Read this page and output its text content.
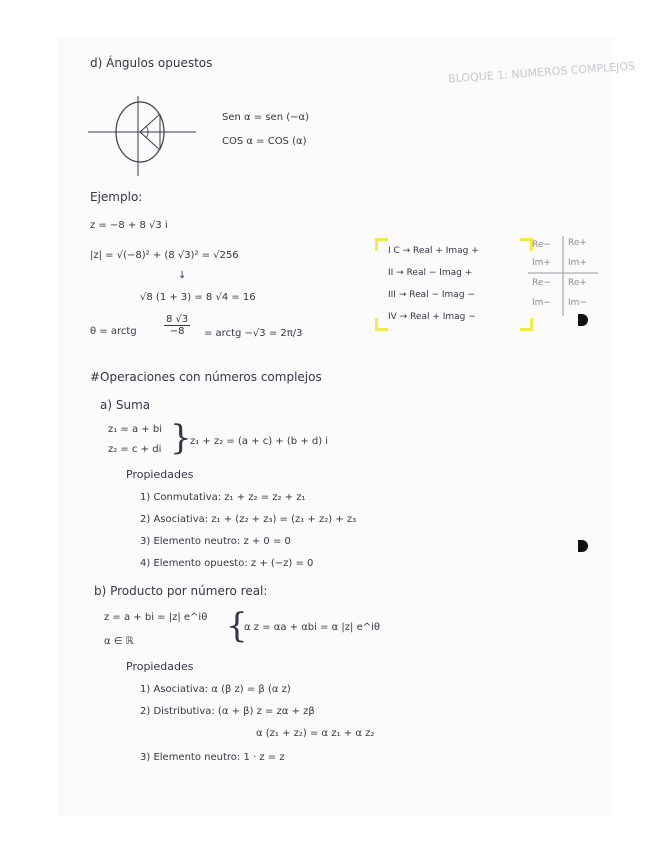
BLOQUE 1: NÚMEROS COMPLEJOS
d) Ángulos opuestos
Sen α = sen (−α)
COS α = COS (α)
Ejemplo:
z = −8 + 8 √3 i
|z| = √(−8)² + (8 √3)² = √256
↓
√8 (1 + 3) = 8 √4 = 16
θ = arctg	$\frac{8 √3}{-8}$ = arctg −√3 = 2π/3
I C → Real + Imag +
II → Real − Imag +
III → Real − Imag −
IV → Real + Imag −
Re− Re+
Im+ Im+
Re− Re+
Im− Im−
#Operaciones con números complejos
a) Suma
z₁ = a + bi
z₂ = c + di }
z₁ + z₂ = (a + c) + (b + d) i
Propiedades
1) Conmutativa: z₁ + z₂ = z₂ + z₁
2) Asociativa: z₁ + (z₂ + z₃) = (z₁ + z₂) + z₃
3) Elemento neutro: z + 0 = 0
4) Elemento opuesto: z + (−z) = 0
b) Producto por número real:
z = a + bi = |z| e^iθ
α ∈ ℝ	{
α z = αa + αbi = α |z| e^iθ
Propiedades
1) Asociativa: α (β z) = β (α z)
2) Distributiva: (α + β) z = zα + zβ
α (z₁ + z₂) = α z₁ + α z₂
3) Elemento neutro: 1 · z = z
